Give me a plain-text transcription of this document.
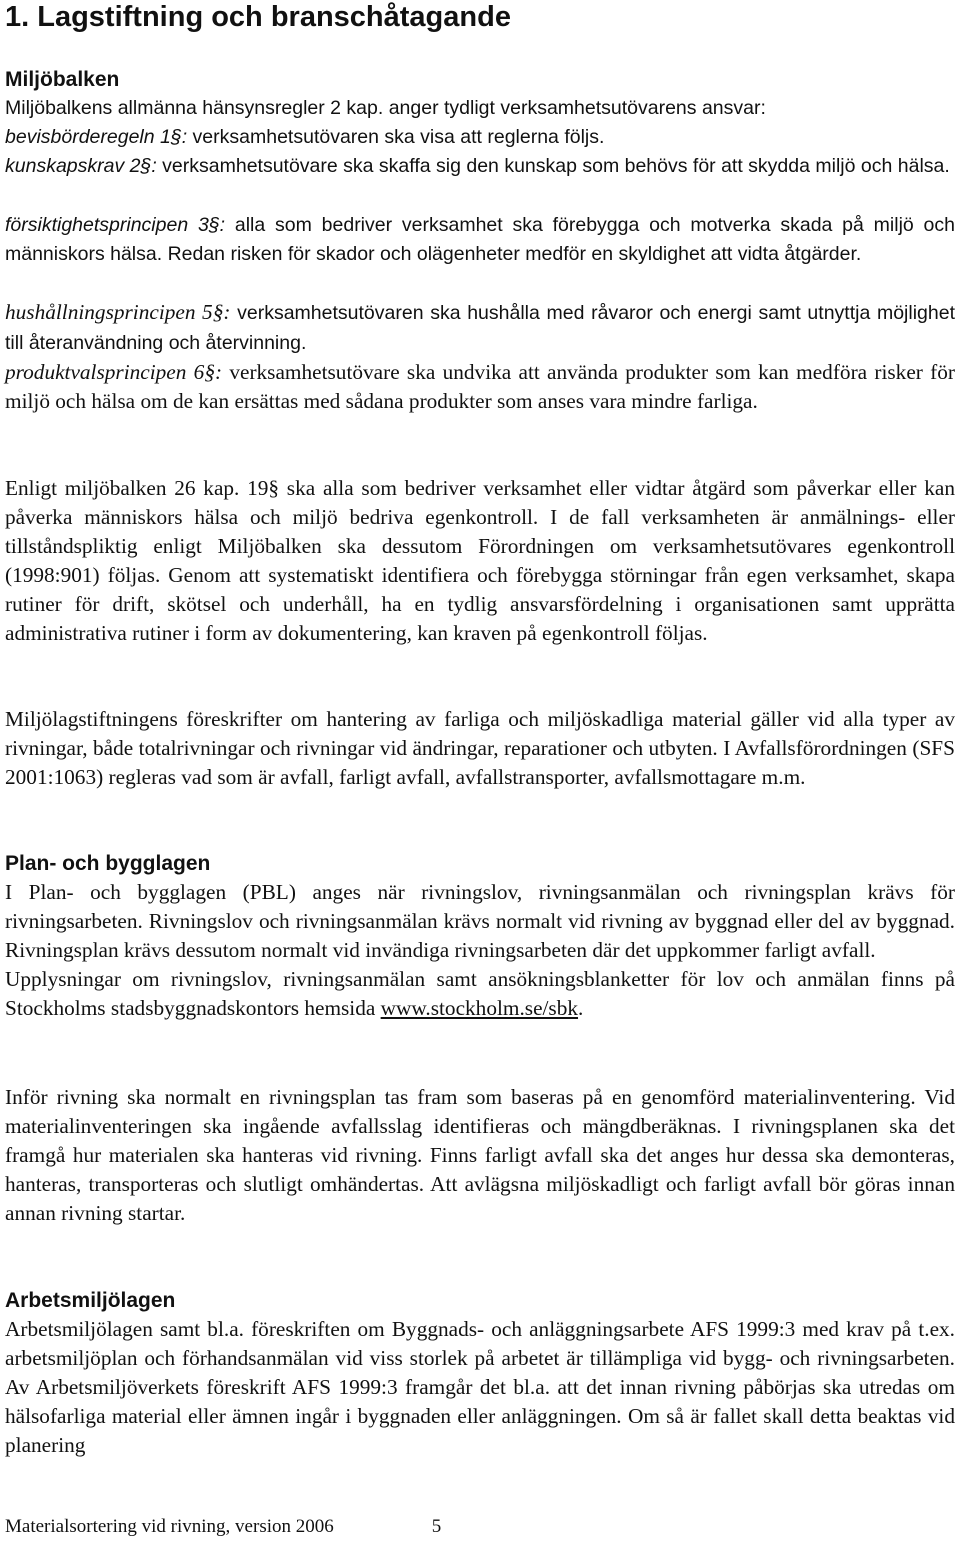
1. Lagstiftning och branschåtagande
Miljöbalken
Miljöbalkens allmänna hänsynsregler 2 kap. anger tydligt verksamhetsutövarens ansvar:
bevisbörderegeln 1§: verksamhetsutövaren ska visa att reglerna följs.
kunskapskrav 2§: verksamhetsutövare ska skaffa sig den kunskap som behövs för att skydda miljö och hälsa.
försiktighetsprincipen 3§: alla som bedriver verksamhet ska förebygga och motverka skada på miljö och människors hälsa. Redan risken för skador och olägenheter medför en skyldighet att vidta åtgärder.
hushållningsprincipen 5§: verksamhetsutövaren ska hushålla med råvaror och energi samt utnyttja möjlighet till återanvändning och återvinning.
produktvalsprincipen 6§: verksamhetsutövare ska undvika att använda produkter som kan medföra risker för miljö och hälsa om de kan ersättas med sådana produkter som anses vara mindre farliga.
Enligt miljöbalken 26 kap. 19§ ska alla som bedriver verksamhet eller vidtar åtgärd som påverkar eller kan påverka människors hälsa och miljö bedriva egenkontroll. I de fall verksamheten är anmälnings- eller tillståndspliktig enligt Miljöbalken ska dessutom Förordningen om verksamhetsutövares egenkontroll (1998:901) följas. Genom att systematiskt identifiera och förebygga störningar från egen verksamhet, skapa rutiner för drift, skötsel och underhåll, ha en tydlig ansvarsfördelning i organisationen samt upprätta administrativa rutiner i form av dokumentering, kan kraven på egenkontroll följas.
Miljölagstiftningens föreskrifter om hantering av farliga och miljöskadliga material gäller vid alla typer av rivningar, både totalrivningar och rivningar vid ändringar, reparationer och utbyten. I Avfallsförordningen (SFS 2001:1063) regleras vad som är avfall, farligt avfall, avfallstransporter, avfallsmottagare m.m.
Plan- och bygglagen
I Plan- och bygglagen (PBL) anges när rivningslov, rivningsanmälan och rivningsplan krävs för rivningsarbeten. Rivningslov och rivningsanmälan krävs normalt vid rivning av byggnad eller del av byggnad. Rivningsplan krävs dessutom normalt vid invändiga rivningsarbeten där det uppkommer farligt avfall.
Upplysningar om rivningslov, rivningsanmälan samt ansökningsblanketter för lov och anmälan finns på Stockholms stadsbyggnadskontors hemsida www.stockholm.se/sbk.
Inför rivning ska normalt en rivningsplan tas fram som baseras på en genomförd materialinventering. Vid materialinventeringen ska ingående avfallsslag identifieras och mängdberäknas. I rivningsplanen ska det framgå hur materialen ska hanteras vid rivning. Finns farligt avfall ska det anges hur dessa ska demonteras, hanteras, transporteras och slutligt omhändertas. Att avlägsna miljöskadligt och farligt avfall bör göras innan annan rivning startar.
Arbetsmiljölagen
Arbetsmiljölagen samt bl.a. föreskriften om Byggnads- och anläggningsarbete AFS 1999:3 med krav på t.ex. arbetsmiljöplan och förhandsanmälan vid viss storlek på arbetet är tillämpliga vid bygg- och rivningsarbeten. Av Arbetsmiljöverkets föreskrift AFS 1999:3 framgår det bl.a. att det innan rivning påbörjas ska utredas om hälsofarliga material eller ämnen ingår i byggnaden eller anläggningen. Om så är fallet skall detta beaktas vid planering
Materialsortering vid rivning, version 2006	5
